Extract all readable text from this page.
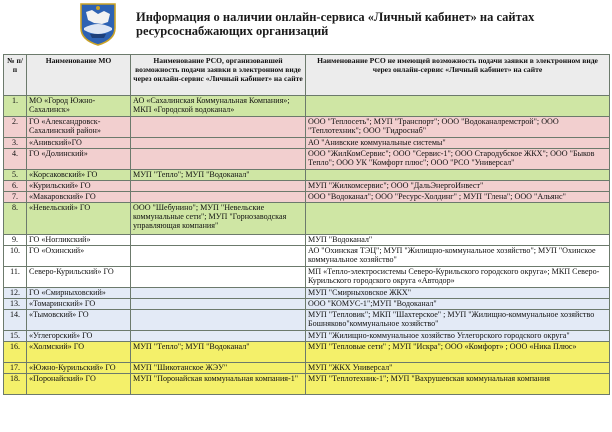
Информация о наличии онлайн-сервиса «Личный кабинет» на сайтах ресурсоснабжающих организаций
№ п/п	Наименование МО	Наименование РСО, организовавшей возможность подачи заявки в электронном виде через онлайн-сервис «Личный кабинет» на сайте	Наименование РСО не имеющей возможность подачи заявки в электронном виде через онлайн-сервис «Личный кабинет» на сайте
1.	МО «Город Южно-Сахалинск»	АО «Сахалинская Коммунальная Компания»; МКП «Городской водоканал»	
2.	ГО «Александровск-Сахалинский район»		ООО "Теплосеть"; МУП "Транспорт"; ООО "Водоканалремстрой"; ООО "Теплотехник"; ООО "Гидроснаб"
3.	«Анивский»ГО		АО "Анивские коммунальные системы"
4.	ГО «Долинский»		ООО "ЖилКомСервис"; ООО "Сервис-1"; ООО Стародубское ЖКХ"; ООО "Быков Тепло"; ООО УК "Комфорт плюс"; ООО "РСО "Универсал"
5.	«Корсаковский» ГО	МУП "Тепло"; МУП "Водоканал"	
6.	«Курильский» ГО		МУП "Жилкомсервис"; ООО "ДальЭнергоИнвест"
7.	«Макаровский» ГО		ООО "Водоканал"; ООО "Ресурс-Холдинг" ; МУП "Глена"; ООО "Альянс"
8.	«Невельский» ГО	ООО "Шебунино"; МУП "Невельские коммунальные сети"; МУП "Горнозаводская управляющая компания"	
9.	ГО «Ногликский»		МУП "Водоканал"
10.	ГО «Охинский»		АО "Охинская ТЭЦ"; МУП "Жилищно-коммунальное хозяйство"; МУП "Охинское коммунальное хозяйство"
11.	Северо-Курильский» ГО		МП «Тепло-электросистемы Северо-Курильского городского округа»; МКП Северо-Курильского городского округа «Автодор»
12.	ГО «Смирныховский»		МУП "Смирныховское ЖКХ"
13.	«Томаринский» ГО		ООО "КОМУС-1";МУП "Водоканал"
14.	«Тымовский» ГО		МУП "Тепловик"; МКП "Шахтерское" ; МУП "Жилищно-коммунальное хозяйство Бошняково"коммунальное хозяйство"
15.	«Углегорский» ГО		МУП "Жилищно-коммунальное хозяйство Углегорского городского округа"
16.	«Холмский» ГО	МУП "Тепло"; МУП "Водоканал"	МУП "Тепловые сети" ; МУП "Искра"; ООО «Комфорт» ; ООО «Ника Плюс»
17.	«Южно-Курильский» ГО	МУП "Шикотанское ЖЭУ"	МУП "ЖКХ Универсал"
18.	«Поронайский» ГО	МУП "Поронайская коммунальная компания-1"	МУП "Теплотехник-1"; МУП "Вахрушевская коммунальная компания
